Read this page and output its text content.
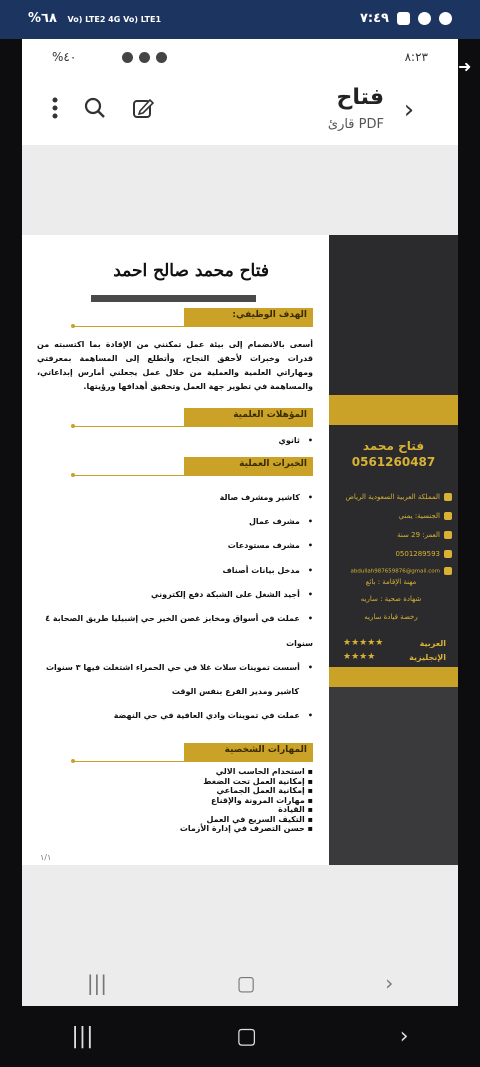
٧:٤٩
%٦٨ Vo) LTE2 4G Vo) LTE1
➜
%٤٠	٨:٢٣
فتاح
قارئ PDF ›
فتاح محمد
0561260487
المملكة العربية السعودية الرياض
الجنسية: يمني
العمر: 29 سنة
0501289593
abdullah987659876@gmail.com
مهنة الإقامة : بائع
شهادة صحية : ساريه
رخصة قيادة ساريه
العربية
★★★★★
الإنجليزية
★★★★
فتاح محمد صالح احمد
الهدف الوظيفي:
أسعى بالانضمام إلى بيئة عمل تمكنني من الإفادة بما اكتسبته من قدرات وخبرات لأحقق النجاح، وأتطلع إلى المساهمة بمعرفتي ومهاراتي العلمية والعملية من خلال عمل يجعلني أمارس إبداعاتي، والمساهمة في تطوير جهة العمل وتحقيق أهدافها ورؤيتها.
المؤهلات العلمية
• ثانوي
الخبرات العملية
• كاشير ومشرف صالة
• مشرف عمال
• مشرف مستودعات
• مدخل بيانات أصناف
• أجيد الشغل على الشبكة دفع إلكتروني
• عملت في أسواق ومخابز غصن الخير حي إشبيليا طريق الصحابة ٤
سنوات
• أسست تموينات سلات غلا في حي الحمراء اشتغلت فيها ٣ سنوات
كاشير ومدير الفرع بنفس الوقت
• عملت في تموينات وادي العافية في حي النهضة
المهارات الشخصية
▪ استخدام الحاسب الالي
▪ إمكانية العمل تحت الضغط
▪ إمكانية العمل الجماعي
▪ مهارات المرونة والإقناع
▪ القيادة
▪ التكيف السريع في العمل
▪ حسن التصرف في إدارة الأزمات
١/١
|||	▢	›
|||	▢	›
